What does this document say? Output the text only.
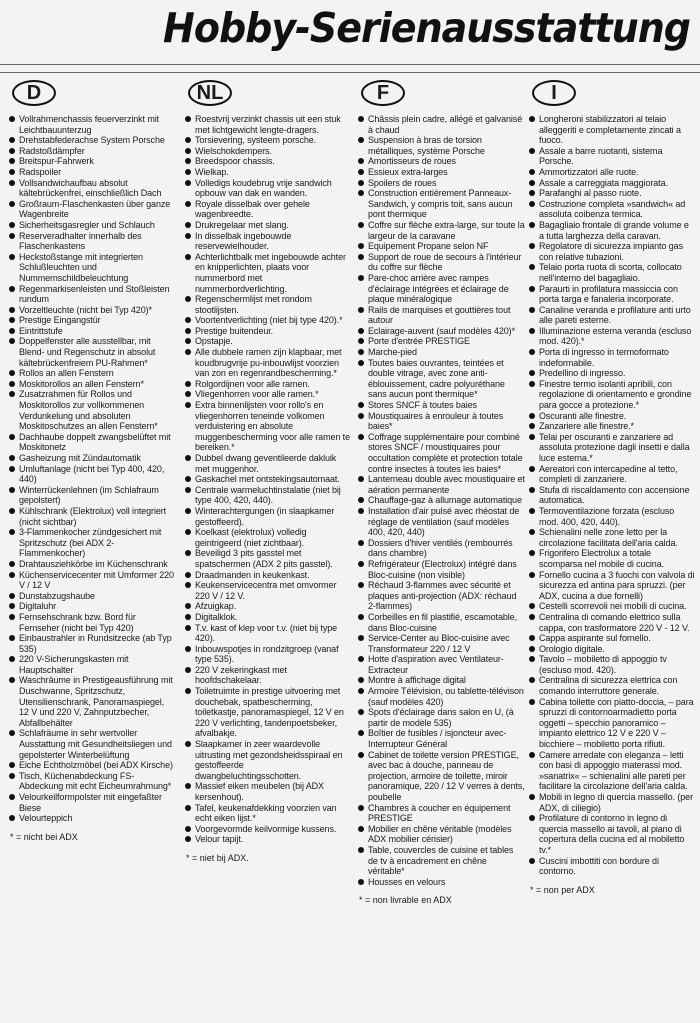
Hobby-Serienausstattung
D
Vollrahmenchassis feuerverzinkt mit Leichtbauunterzug
Drehstabfederachse System Porsche
Radstoßdämpfer
Breitspur-Fahrwerk
Radspoiler
Vollsandwichaufbau absolut kältebrückenfrei, einschließlich Dach
Großraum-Flaschenkasten über ganze Wagenbreite
Sicherheitsgasregler und Schlauch
Reserveradhalter innerhalb des Flaschenkastens
Heckstoßstange mit integrierten Schlußleuchten und Nummernschildbeleuchtung
Regenmarkisenleisten und Stoßleisten rundum
Vorzeltleuchte (nicht bei Typ 420)*
Prestige Eingangstür
Eintrittstufe
Doppelfenster alle ausstellbar, mit Blend- und Regenschutz in absolut kältebrückenfreiem PU-Rahmen*
Rollos an allen Fenstern
Moskitorollos an allen Fenstern*
Zusatzrahmen für Rollos und Moskitorollos zur vollkommenen Verdunkelung und absoluten Moskitoschutzes an allen Fenstern*
Dachhaube doppelt zwangsbelüftet mit Moskitonetz
Gasheizung mit Zündautomatik
Umluftanlage (nicht bei Typ 400, 420, 440)
Winterrückenlehnen (im Schlafraum gepolstert)
Kühlschrank (Elektrolux) voll integriert (nicht sichtbar)
3-Flammenkocher zündgesichert mit Spritzschutz (bei ADX 2-Flammenkocher)
Drahtausziehkörbe im Küchenschrank
Küchenservicecenter mit Umformer 220 V / 12 V
Dunstabzugshaube
Digitaluhr
Fernsehschrank bzw. Bord für Fernseher (nicht bei Typ 420)
Einbaustrahler in Rundsitzecke (ab Typ 535)
220 V-Sicherungskasten mit Hauptschalter
Waschräume in Prestigeausführung mit Duschwanne, Spritzschutz, Utensilienschrank, Panoramaspiegel, 12 V und 220 V, Zahnputzbecher, Abfallbehälter
Schlafräume in sehr wertvoller Ausstattung mit Gesundheitsliegen und gepolsterter Winterbelüftung
Eiche Echtholzmöbel (bei ADX Kirsche)
Tisch, Küchenabdeckung FS-Abdeckung mit echt Eicheumrahmung*
Velourkeilformpolster mit eingefaßter Biese
Velourteppich
* = nicht bei ADX
NL
Roestvrij verzinkt chassis uit een stuk met lichtgewicht lengte-dragers.
Torsievering, systeem porsche.
Wielschokdempers.
Breedspoor chassis.
Wielkap.
Volledigs koudebrug vrije sandwich opbouw van dak en wanden.
Royale disselbak over gehele wagenbreedte.
Drukregelaar met slang.
In disselbak ingebouwde reservewielhouder.
Achterlichtbalk met ingebouwde achter en knipperlichten, plaats voor nummerbord met nummerbordverlichting.
Regenschermlijst met rondom stootlijsten.
Voortentverlichting (niet bij type 420).*
Prestige buitendeur.
Opstapje.
Alle dubbele ramen zijn klapbaar, met koudbrugvrije pu-inbouwlijst voorzien van zon en regenrandbescherming.*
Rolgordijnen voor alle ramen.
Vliegenhorren voor alle ramen.*
Extra binnenlijsten voor rollo's en vliegenhorren teneinde volkomen verduistering en absolute muggenbescherming voor alle ramen te bereiken.*
Dubbel dwang geventileerde dakluik met muggenhor.
Gaskachel met ontstekingsautomaat.
Centrale warmeluchtinstalatie (niet bij type 400, 420, 440).
Winterachtergungen (in slaapkamer gestoffeerd).
Koelkast (elektrolux) volledig geintrigeerd (niet zichtbaar).
Beveiligd 3 pits gasstel met spatschermen (ADX 2 pits gasstel).
Draadmanden in keukenkast.
Keukenservicecentra met omvormer 220 V / 12 V.
Afzuigkap.
Digitalklok.
T.v. kast of klep voor t.v. (niet bij type 420).
Inbouwspotjes in rondzitgroep (vanaf type 535).
220 V zekeringkast met hoofdschakelaar.
Toiletruimte in prestige uitvoering met douchebak, spatbescherming, toiletkastje, panoramaspiegel, 12 V en 220 V verlichting, tandenpoetsbeker, afvalbakje.
Slaapkamer in zeer waardevolle uitrusting met gezondsheidsspiraal en gestoffeerde dwangbeluchtingsschotten.
Massief eiken meubelen (bij ADX kersenhout).
Tafel, keukenafdekking voorzien van echt eiken lijst.*
Voorgevormde keilvormige kussens.
Velour tapijt.
* = niet bij ADX.
F
Châssis plein cadre, allégé et galvanisé à chaud
Suspension à bras de torsion métalliques, système Porsche
Amortisseurs de roues
Essieux extra-larges
Spoilers de roues
Construction entièrement Panneaux-Sandwich, y compris toit, sans aucun pont thermique
Coffre sur flèche extra-large, sur toute la largeur de la caravane
Equipement Propane selon NF
Support de roue de secours à l'intérieur du coffre sur flèche
Pare-choc arrière avec rampes d'éclairage intégrées et éclairage de plaque minéralogique
Rails de marquises et gouttières tout autour
Eclairage-auvent (sauf modèles 420)*
Porte d'entrée PRESTIGE
Marche-pied
Toutes baies ouvrantes, teintées et double vitrage, avec zone anti-éblouissement, cadre polyuréthane sans aucun pont thermique*
Stores SNCF à toutes baies
Moustiquaires à enrouleur à toutes baies*
Coffrage supplémentaire pour combiné stores SNCF / moustiquaires pour occultation complète et protection totale contre insectes à toutes les baies*
Lanterneau double avec moustiquaire et aération permanente
Chauffage-gaz à allumage automatique
Installation d'air pulsé avec rhéostat de réglage de ventilation (sauf modèles 400, 420, 440)
Dossiers d'hiver ventilés (rembourrés dans chambre)
Refrigérateur (Electrolux) intégré dans Bloc-cuisine (non visible)
Réchaud 3-flammes avec sécurité et plaques anti-projection (ADX: réchaud 2-flammes)
Corbeilles en fil plastifié, escamotable, dans Bloc-cuisine
Service-Center au Bloc-cuisine avec Transformateur 220 / 12 V
Hotte d'aspiration avec Ventilateur-Extracteur
Montre à affichage digital
Armoire Télévision, ou tablette-télévison (sauf modèles 420)
Spots d'éclairage dans salon en U, (à partir de modèle 535)
Boîtier de fusibles / isjoncteur avec-Interrupteur Général
Cabinet de toilette version PRESTIGE, avec bac à douche, panneau de projection, armoire de toilette, miroir panoramique, 220 / 12 V verres à dents, poubelle
Chambres à coucher en équipement PRESTIGE
Mobilier en chêne véritable (modèles ADX mobilier cérisier)
Table, couvercles de cuisine et tables de tv à encadrement en chêne véritable*
Housses en velours
* = non livrable en ADX
I
Longheroni stabilizzatori al telaio alleggeriti e completamente zincati a fuoco.
Assale a barre ruotanti, sistema Porsche.
Ammortizzatori alle ruote.
Assale a carreggiata maggiorata.
Parafanghi al passo ruote.
Costruzione completa »sandwich« ad assoluta coibenza termica.
Bagagliaio frontale di grande volume e a tutta larghezza della caravan.
Regolatore di sicurezza impianto gas con relative tubazioni.
Telaio porta ruota di scorta, collocato nell'interno del bagagliaio.
Paraurti in profilatura massiccia con porta targa e fanaleria incorporate.
Canaline veranda e profilature anti urto alle pareti esterne.
Illuminazione esterna veranda (escluso mod. 420).*
Porta di ingresso in termoformato indeformabile.
Predellino di ingresso.
Finestre termo isolanti apribili, con regolazione di orientamento e grondine para gocce a protezione.*
Oscuranti alle finestre.
Zanzariere alle finestre.*
Telai per oscuranti e zanzariere ad assoluta protezione dagli insetti e dalla luce esterna.*
Aereatori con intercapedine al tetto, completi di zanzariere.
Stufa di riscaldamento con accensione automatica.
Termoventilazione forzata (escluso mod. 400, 420, 440).
Schienalini nelle zone letto per la circolazione facilitata dell'aria calda.
Frigorifero Electrolux a totale scomparsa nel mobile di cucina.
Fornello cucina a 3 fuochi con valvola di sicurezza ed antina para spruzzi. (per ADX, cucina a due fornelli)
Cestelli scorrevoli nei mobili di cucina.
Centralina di comando elettrico sulla cappa, con trasformatore 220 V - 12 V.
Cappa aspirante sul fornello.
Orologio digitale.
Tavolo – mobiletto di appoggio tv (escluso mod. 420).
Centralina di sicurezza elettrica con comando interruttore generale.
Cabina toilette con piatto-doccia, – para spruzzi di contornoarmadietto porta oggetti – specchio panoramico – impianto elettrico 12 V e 220 V – bicchiere – mobiletto porta rifiuti.
Camere arredate con eleganza – letti con basi di appoggio materassi mod. »sanatrix« – schienalini alle pareti per facilitare la circolazione dell'aria calda.
Mobili in legno di quercia massello. (per ADX, di ciliegio)
Profilature di contorno in legno di quercia massello ai tavoli, al piano di copertura della cucina ed al mobiletto tv.*
Cuscini imbottiti con bordure di contorno.
* = non per ADX
